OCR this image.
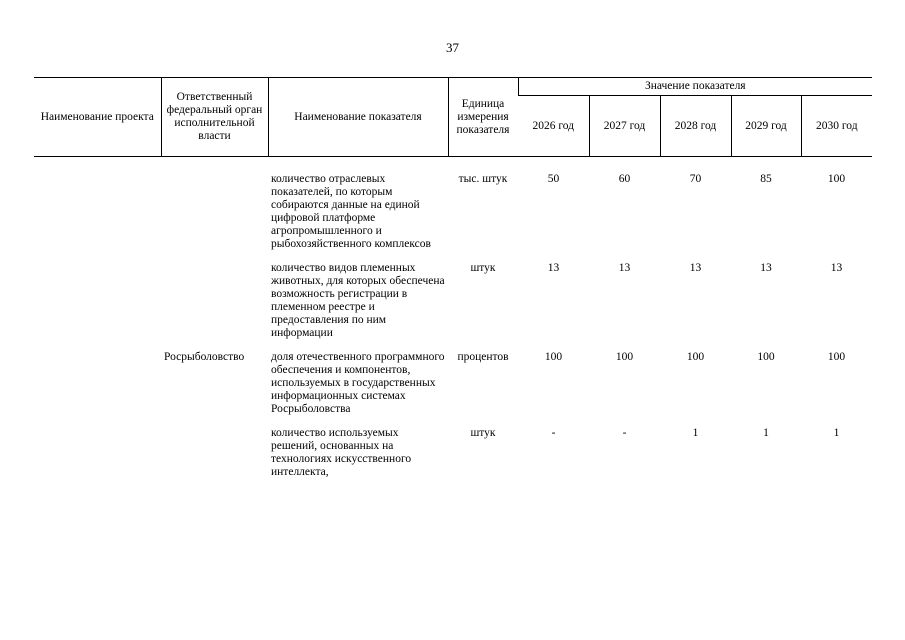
37
Наименование проекта	Ответственный федеральный орган исполнительной власти	Наименование показателя	Единица измерения показателя	Значение показателя				
				2026 год	2027 год	2028 год	2029 год	2030 год
		количество отраслевых показателей, по которым собираются данные на единой цифровой платформе агропромышленного и рыбохозяйственного комплексов	тыс. штук	50	60	70	85	100
		количество видов племенных животных, для которых обеспечена возможность регистрации в племенном реестре и предоставления по ним информации	штук	13	13	13	13	13
	Росрыболовство	доля отечественного программного обеспечения и компонентов, используемых в государственных информационных системах Росрыболовства	процентов	100	100	100	100	100
		количество используемых решений, основанных на технологиях искусственного интеллекта,	штук	-	-	1	1	1
